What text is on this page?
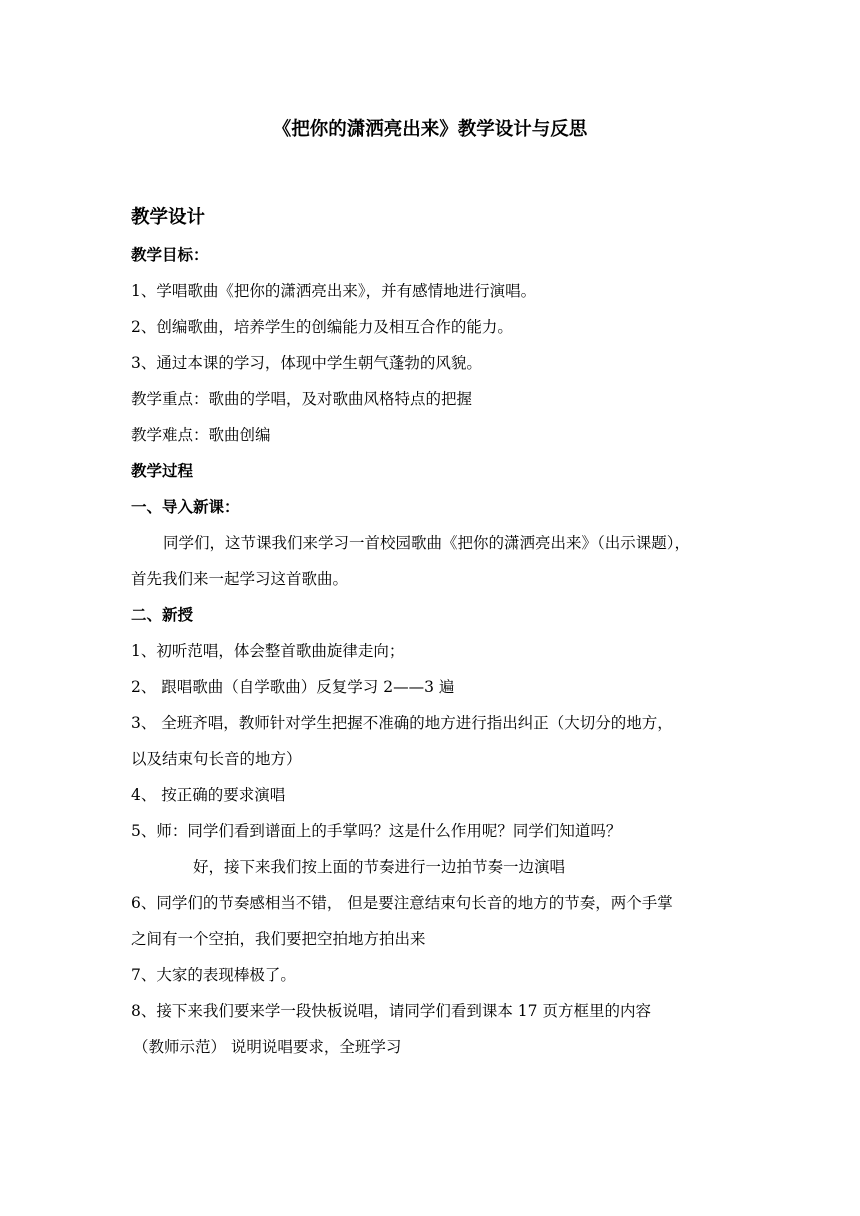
《把你的潇洒亮出来》教学设计与反思
教学设计
教学目标：
1、学唱歌曲《把你的潇洒亮出来》，并有感情地进行演唱。
2、创编歌曲，培养学生的创编能力及相互合作的能力。
3、通过本课的学习，体现中学生朝气蓬勃的风貌。
教学重点：歌曲的学唱，及对歌曲风格特点的把握
教学难点：歌曲创编
教学过程
一、导入新课：
同学们，这节课我们来学习一首校园歌曲《把你的潇洒亮出来》（出示课题），
首先我们来一起学习这首歌曲。
二、新授
1、初听范唱，体会整首歌曲旋律走向；
2、 跟唱歌曲（自学歌曲）反复学习 2——3 遍
3、 全班齐唱，教师针对学生把握不准确的地方进行指出纠正（大切分的地方，
以及结束句长音的地方）
4、 按正确的要求演唱
5、师：同学们看到谱面上的手掌吗？这是什么作用呢？同学们知道吗？
好，接下来我们按上面的节奏进行一边拍节奏一边演唱
6、同学们的节奏感相当不错， 但是要注意结束句长音的地方的节奏，两个手掌
之间有一个空拍，我们要把空拍地方拍出来
7、大家的表现棒极了。
8、接下来我们要来学一段快板说唱，请同学们看到课本 17 页方框里的内容
（教师示范） 说明说唱要求，全班学习
